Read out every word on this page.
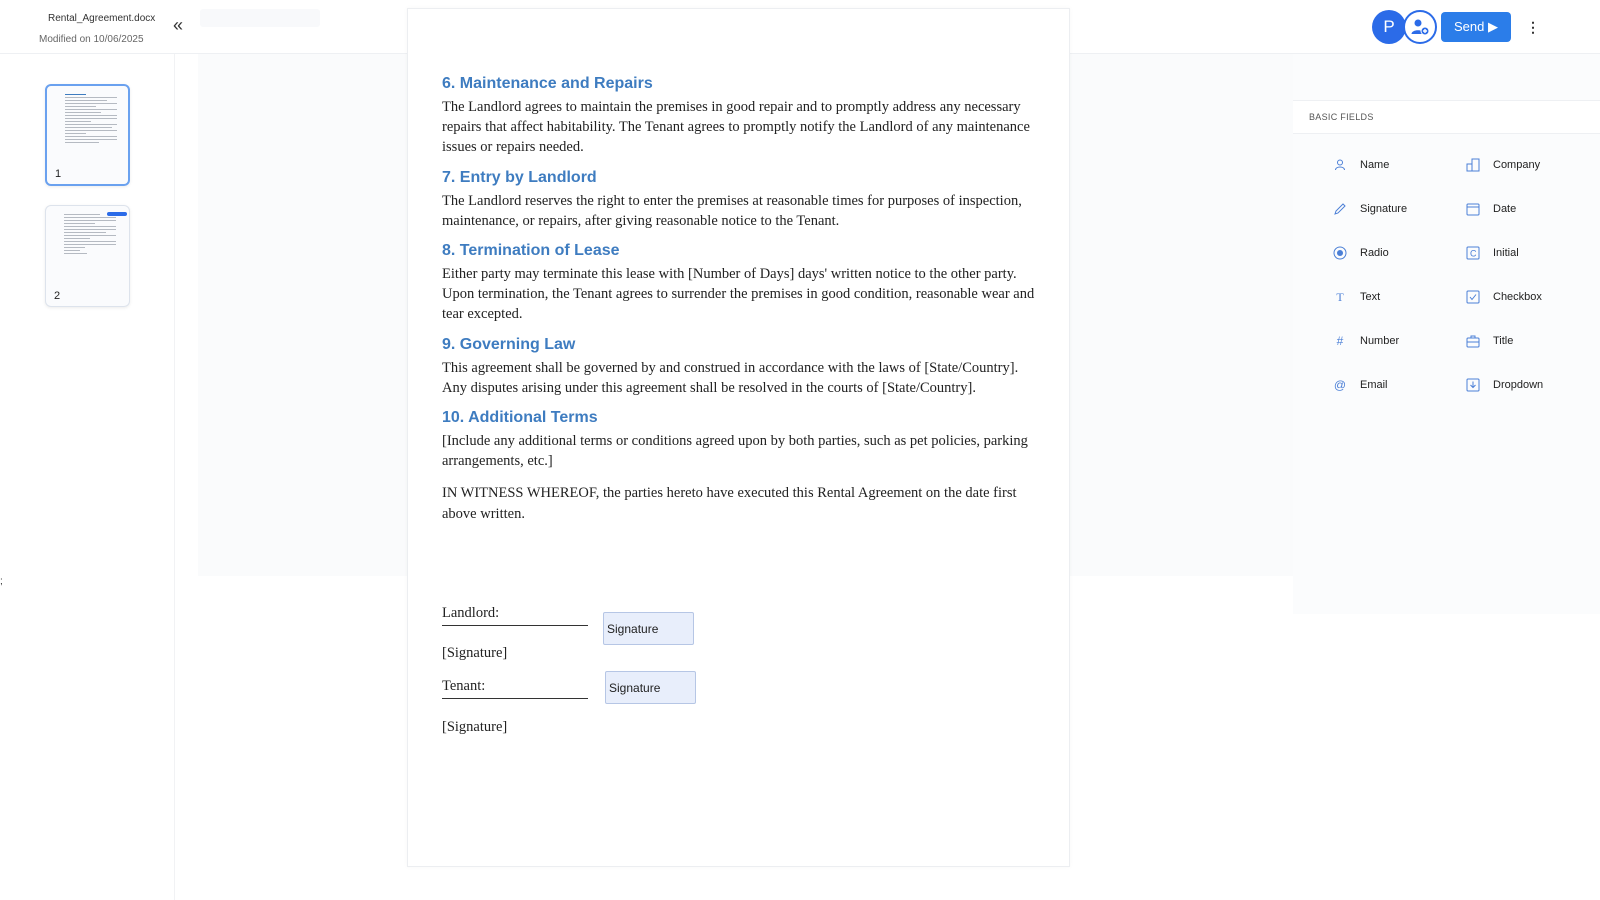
Rental_Agreement.docx
Modified on 10/06/2025
«	P	Send ▶	⋮
1
2
;
6. Maintenance and Repairs

The Landlord agrees to maintain the premises in good repair and to promptly address any necessary repairs that affect habitability. The Tenant agrees to promptly notify the Landlord of any maintenance issues or repairs needed.

7. Entry by Landlord

The Landlord reserves the right to enter the premises at reasonable times for purposes of inspection, maintenance, or repairs, after giving reasonable notice to the Tenant.

8. Termination of Lease

Either party may terminate this lease with [Number of Days] days' written notice to the other party. Upon termination, the Tenant agrees to surrender the premises in good condition, reasonable wear and tear excepted.

9. Governing Law

This agreement shall be governed by and construed in accordance with the laws of [State/Country]. Any disputes arising under this agreement shall be resolved in the courts of [State/Country].

10. Additional Terms

[Include any additional terms or conditions agreed upon by both parties, such as pet policies, parking arrangements, etc.]

IN WITNESS WHEREOF, the parties hereto have executed this Rental Agreement on the date first above written.

Landlord:
[Signature]
Signature
Tenant:
[Signature]
Signature
BASIC FIELDS
Name	Company
Signature	Date
Radio	C Initial
T	Text	Checkbox
#	Number	Title
@ Email	Dropdown
